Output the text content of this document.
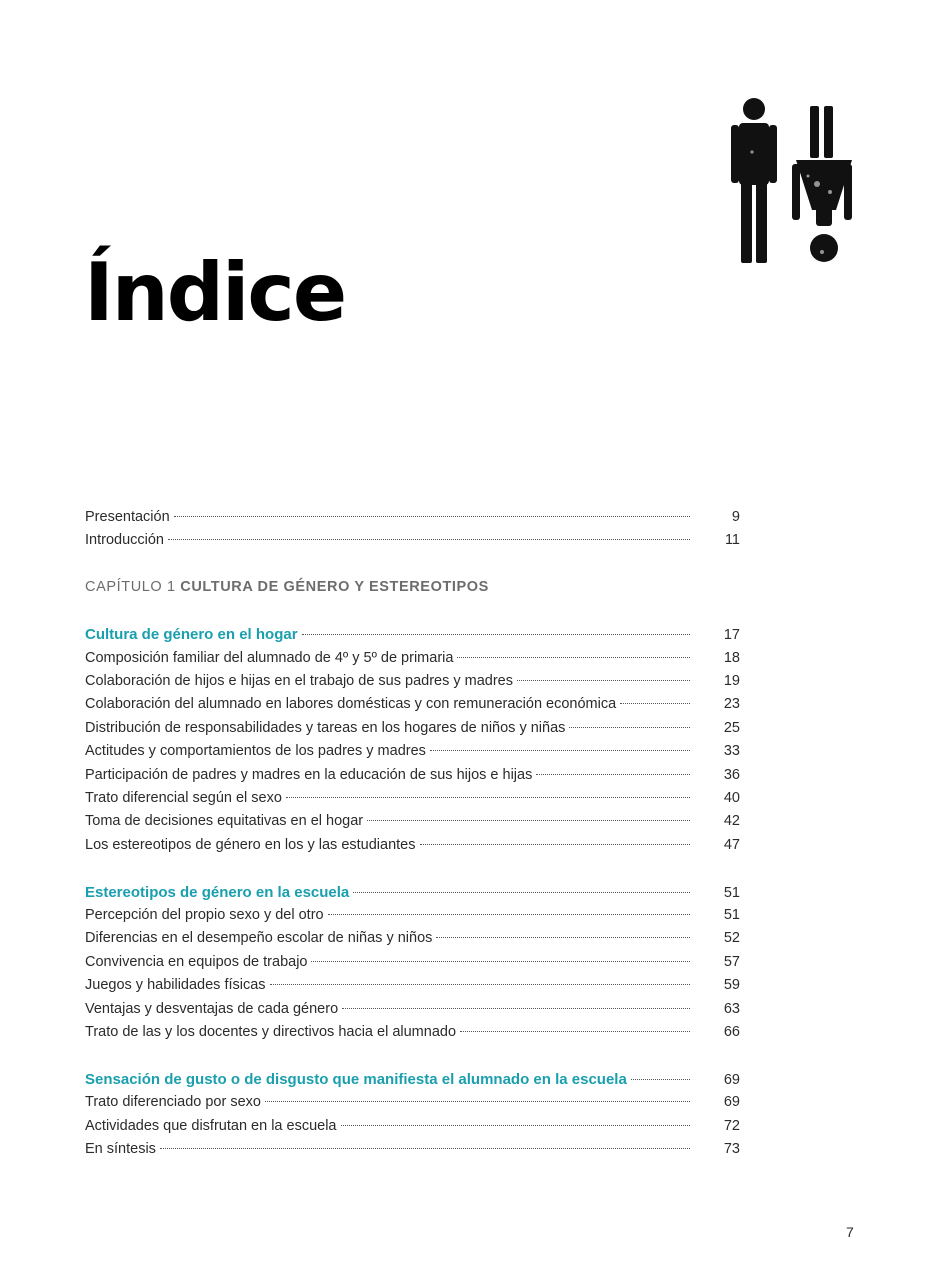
Índice
Presentación	9
Introducción	11
CAPÍTULO 1 CULTURA DE GÉNERO Y ESTEREOTIPOS
Cultura de género en el hogar	17
Composición familiar del alumnado de 4º y 5º de primaria	18
Colaboración de hijos e hijas en el trabajo de sus padres y madres	19
Colaboración del alumnado en labores domésticas y con remuneración económica	23
Distribución de responsabilidades y tareas en los hogares de niños y niñas	25
Actitudes y comportamientos de los padres y madres	33
Participación de padres y madres en la educación de sus hijos e hijas	36
Trato diferencial según el sexo	40
Toma de decisiones equitativas en el hogar	42
Los estereotipos de género en los y las estudiantes	47
Estereotipos de género en la escuela	51
Percepción del propio sexo y del otro	51
Diferencias en el desempeño escolar de niñas y niños	52
Convivencia en equipos de trabajo	57
Juegos y habilidades físicas	59
Ventajas y desventajas de cada género	63
Trato de las y los docentes y directivos hacia el alumnado	66
Sensación de gusto o de disgusto que manifiesta el alumnado en la escuela	69
Trato diferenciado por sexo	69
Actividades que disfrutan en la escuela	72
En síntesis	73
7
